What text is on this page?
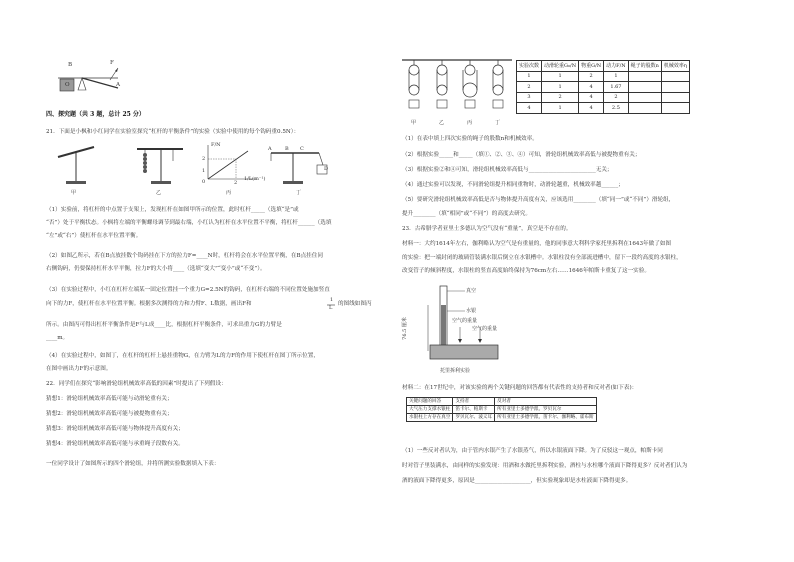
B
O	A
F
四、探究题（共 3 题，总计 25 分）
21．下面是小枫和小红同学在实验室探究“杠杆的平衡条件”的实验（实验中使用的每个钩码重0.5N）：
F/N
2
1
0	2
1/L(m⁻¹)
A	B C
D
甲	乙	丙	丁
（1）实验前，将杠杆的中点置于支架上，发现杠杆在如图甲所示的位置，此时杠杆_____（选填“是”或
“否”）处于平衡状态。小枫将左端的平衡螺母调节到最右端，小红认为杠杆在水平位置不平衡，将杠杆______（选填
“左”或“右”）使杠杆在水平位置平衡。
（2）如图乙所示，若在B点放挂数个钩码挂在下方的拉力F=____N时，杠杆将会在水平位置平衡，在B点挂住同
右侧钩码，仍要保持杠杆水平平衡，拉力F的大小将____（选填“变大”“变小”或“不变”）。
（3）在实验过程中，小红在杠杆左端某一固定位置挂一个重力G=2.5N的钩码，在杠杆右端的不同位置处施加竖直
向下的力F，使杠杆在水平位置平衡。根据多次测得的力和力臂F、L数据，画出F和
1
L
的图线如图丙
所示。由图丙可得出杠杆平衡条件是F与L成____比，根据杠杆平衡条件，可求出重力G的力臂是
____m。
（4）在实验过程中，如图丁，在杠杆的杠杆上悬挂重物G，在力臂为L的力F的作用下使杠杆在图丁所示位置，
在图中画出力F的示意图。
22．同学们在探究“影响滑轮组机械效率高低的因素”时提出了下列假设：
猜想1：滑轮组机械效率高低可能与动滑轮重有关；
猜想2：滑轮组机械效率高低可能与被提物重有关；
猜想3：滑轮组机械效率高低可能与物体提升高度有关；
猜想4：滑轮组机械效率高低可能与承重绳子段数有关。
一位同学设计了如图所示的四个滑轮组，并将所测实验数据填入下表：
甲	乙	丙	丁
实验次数	动滑轮重G₀/N	物重G/N	动力F/N	绳子的股数n	机械效率η
1	1	2	1		
2	1	4	1.67		
3	2	4	2		
4	1	4	2.5		
（1）在表中填上四次实验的绳子的股数n和机械效率。
（2）根据实验_____和_____（填①、②、③、④）可知，滑轮组机械效率高低与被提物重有关；
（3）根据实验②和④可知，滑轮组机械效率高低与________________________无关；
（4）通过实验可以发现，不同滑轮组提升相同重物时，动滑轮越重，机械效率越______；
（5）要研究滑轮组机械效率高低是否与物体提升高度有关，应该选用________（填“同一”或“不同”）滑轮组，
提升________（填“相同”或“不同”）的高度去研究。
23．古希腊学者亚里士多德认为空气没有“重量”，真空是不存在的。
材料一：大约1614年左右，伽利略认为空气是有重量的，他的同事意大利科学家托里拆利在1643年做了如图
的实验：把一端封闭的玻璃管装满水银后倒立在水银槽中。水银柱没有全部流进槽中，留下一段约高度的水银柱，
改变管子的倾斜程度，水银柱的竖直高度始终保持为76cm左右……1646年帕斯卡重复了这一实验。
真空
水银
空气的重量
空气的重量
76.5 厘米
托里拆利实验
材料二：在17世纪中，对该实验的两个关键问题的回答都有代表性的支持者和反对者(如下表)：
关键问题的回答	支持者	反对者
大气压力支撑水银柱	笛卡尔、帕斯卡	所有亚里士多德学派、罗贝瓦尔
水银柱上方存在真空	罗贝瓦尔、波义耳	所有亚里士多德学派、笛卡尔、伽利略、霍布斯
（1）一些反对者认为，由于管内水银产生了水银蒸气，所以水银液面下降。为了反驳这一观点，帕斯卡同
时对管子里装满水，由同样的实验发现：用酒和水做托里拆利实验，酒柱与水柱哪个液面下降得更多？反对者们认为
酒的液面下降得更多，原因是____________________，但实验现象却是水柱液面下降得更多。
